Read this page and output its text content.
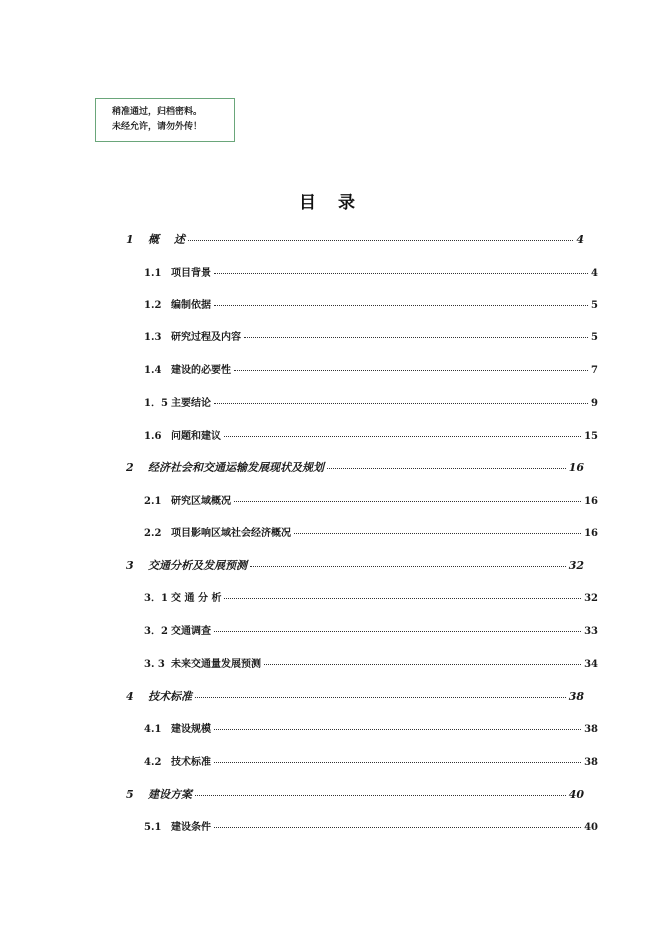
稍准通过，归档密料。
未经允许，请勿外传！
目 录
1	概　 述	4
1.1 项目背景	4
1.2 编制依据	5
1.3 研究过程及内容	5
1.4 建设的必要性	7
1．5 主要结论	9
1.6 问题和建议	15
2	经济社会和交通运输发展现状及规划	16
2.1 研究区域概况	16
2.2 项目影响区域社会经济概况	16
3	交通分析及发展预测	32
3．1 交 通 分 析	32
3．2 交通调查	33
3. 3 未来交通量发展预测	34
4	技术标准	38
4.1 建设规模	38
4.2 技术标准	38
5	建设方案	40
5.1 建设条件	40
